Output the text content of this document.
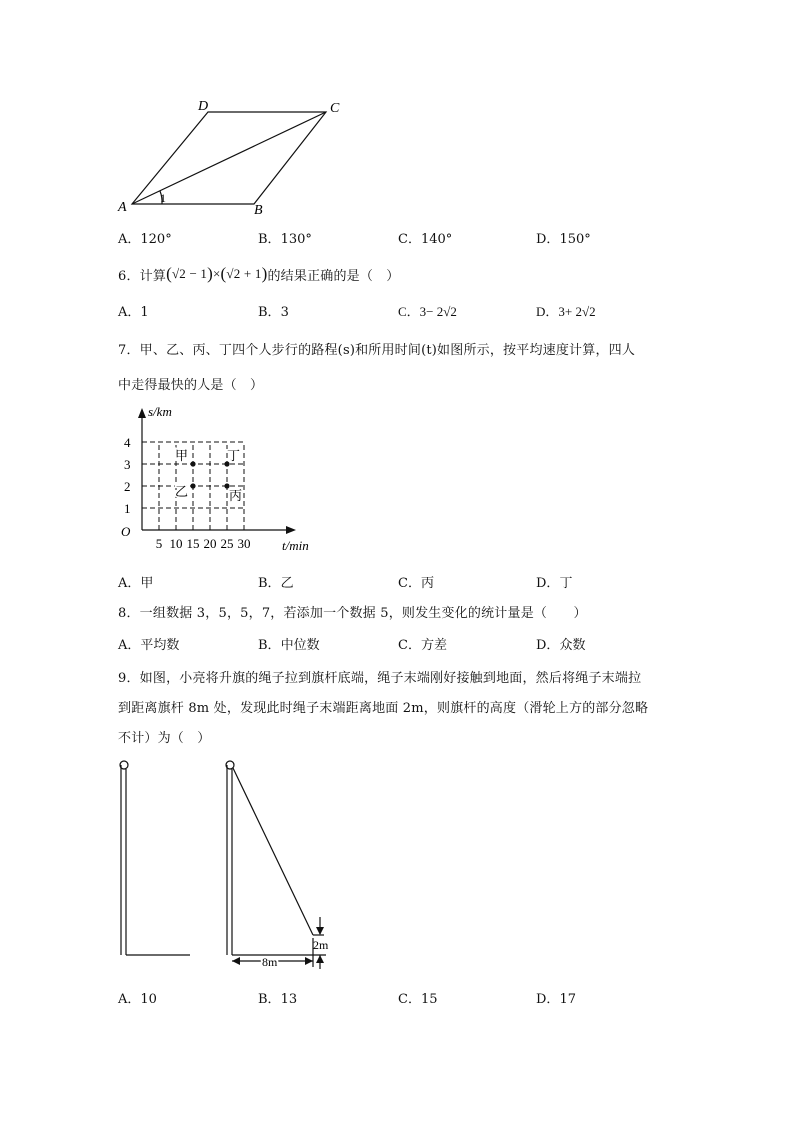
A	B
C
D
1
A．120°	B．130°	C．140°	D．150°
6．计算 ( √2 − 1 ) × ( √2 + 1 ) 的结果正确的是（　）
A．1	B．3	C．3− 2√2	D．3+ 2√2
7．甲、乙、丙、丁四个人步行的路程(s)和所用时间(t)如图所示，按平均速度计算，四人
中走得最快的人是（　）
1
2
3
4
5 10 15 20 25 30
甲
乙	丙
丁
s/km
t/min
O
A．甲	B．乙	C．丙	D．丁
8．一组数据 3，5，5，7，若添加一个数据 5，则发生变化的统计量是（　　）
A．平均数	B．中位数	C．方差	D．众数
9．如图，小亮将升旗的绳子拉到旗杆底端，绳子末端刚好接触到地面，然后将绳子末端拉
到距离旗杆 8m 处，发现此时绳子末端距离地面 2m，则旗杆的高度（滑轮上方的部分忽略
不计）为（　）
2m
8m
A．10	B．13	C．15	D．17
